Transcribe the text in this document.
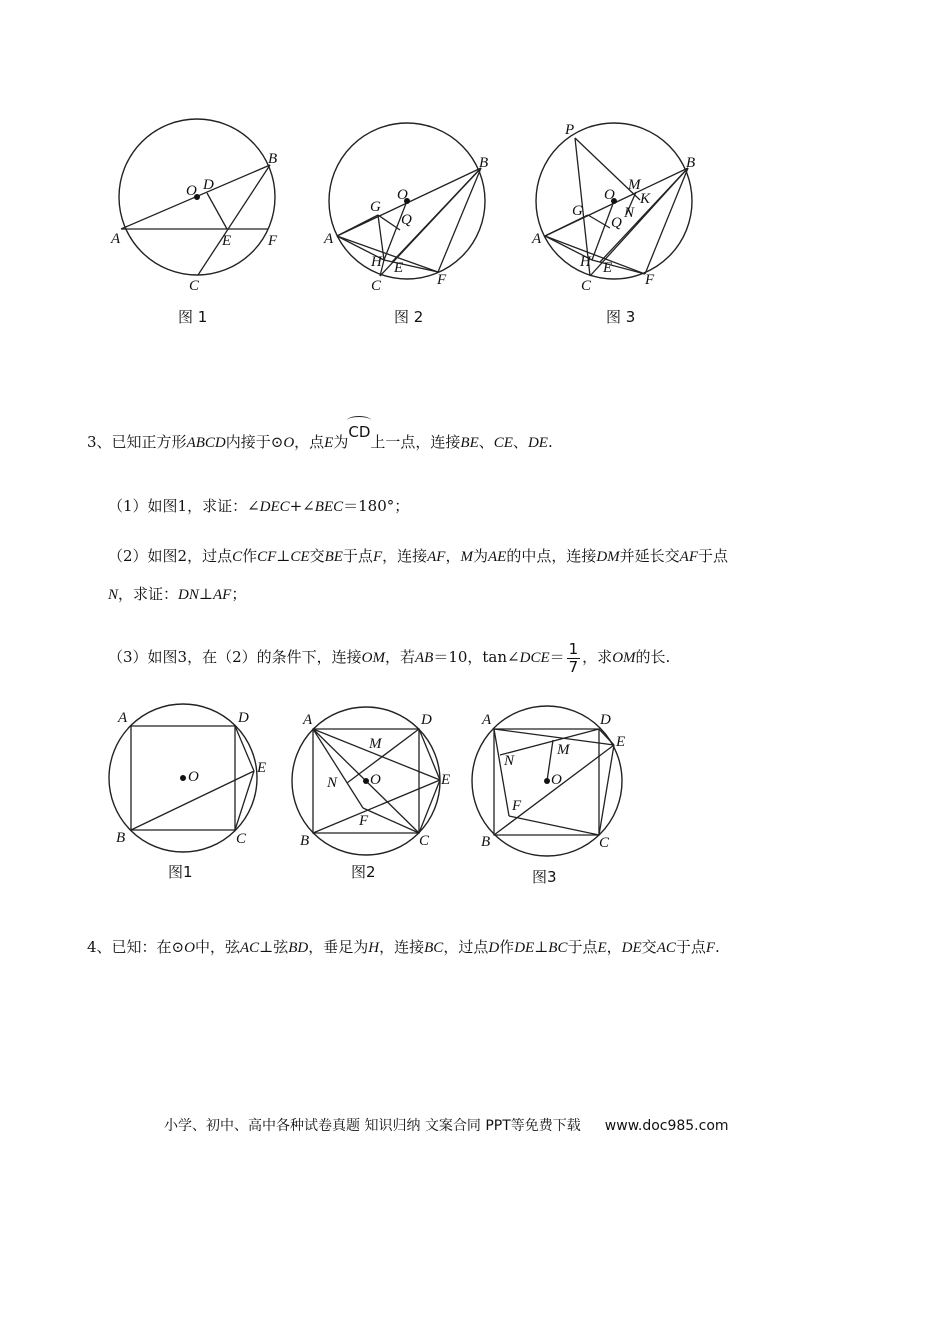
O D
B
A	E F
C
图 1
B
O
G
Q
A
H E
C	F
图 2
P
B
M
O K
G	N
Q
A
H E
C	F
图 3
3、已知正方形ABCD内接于⊙O，点E为CD上一点，连接BE、CE、DE.
（1）如图1，求证：∠DEC+∠BEC＝180°；
（2）如图2，过点C作CF⊥CE交BE于点F，连接AF，M为AE的中点，连接DM并延长交AF于点
N，求证：DN⊥AF；
（3）如图3，在（2）的条件下，连接OM，若AB＝10，tan∠DCE＝ $\frac{1}{7}$ ，求OM的长.
A	D
E
O
B	C
图1
A	D
M
N O	E
F
B	C
图2
A	D
E
M
N
O
F
B	C
图3
4、已知：在⊙O中，弦AC⊥弦BD，垂足为H，连接BC，过点D作DE⊥BC于点E，DE交AC于点F.
小学、初中、高中各种试卷真题 知识归纳 文案合同 PPT等免费下载 www.doc985.com
